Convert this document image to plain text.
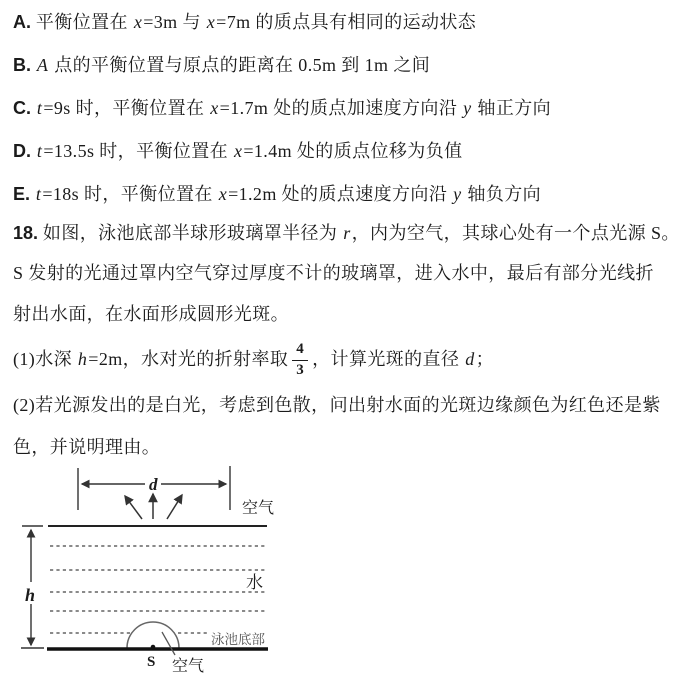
A. 平衡位置在 x=3m 与 x=7m 的质点具有相同的运动状态
B. A 点的平衡位置与原点的距离在 0.5m 到 1m 之间
C. t=9s 时，平衡位置在 x=1.7m 处的质点加速度方向沿 y 轴正方向
D. t=13.5s 时，平衡位置在 x=1.4m 处的质点位移为负值
E. t=18s 时，平衡位置在 x=1.2m 处的质点速度方向沿 y 轴负方向
18. 如图，泳池底部半球形玻璃罩半径为 r，内为空气，其球心处有一个点光源 S。
S 发射的光通过罩内空气穿过厚度不计的玻璃罩，进入水中，最后有部分光线折
射出水面，在水面形成圆形光斑。
(1)水深 h =2m，水对光的折射率取 $\frac{4}{3}$ ，计算光斑的直径 d ；
(2)若光源发出的是白光，考虑到色散，问出射水面的光斑边缘颜色为红色还是紫
色，并说明理由。
d
空气
h
水
泳池底部
S 空气
